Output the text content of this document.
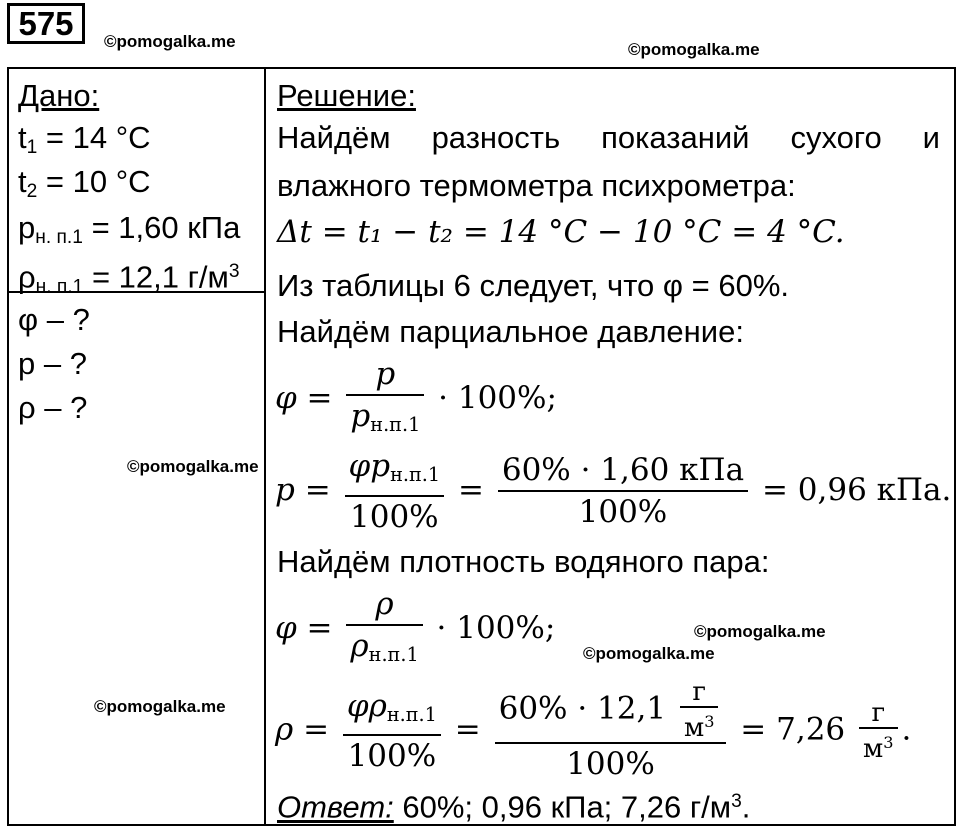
575	©pomogalka.me	©pomogalka.me
©pomogalka.me
©pomogalka.me
©pomogalka.me
©pomogalka.me
Дано:
$t_1 = 14$ °C
$t_2 = 10$ °C
$p_{н. п.1} = 1,60$ кПа
$\rho_{н. п.1} = 12,1$ $г/м^3$
φ – ?
p – ?
ρ – ?
Решение:
Найдём разность показаний сухого и
влажного термометра психрометра:
Δt = t₁ − t₂ = 14 °C − 10 °C = 4 °C.
Из таблицы 6 следует, что φ = 60%.
Найдём парциальное давление:
$\varphi = \frac{p}{p_{н.п.1}} \cdot 100\%$;
$p = \frac{\varphi p_{н.п.1}}{100\%} = \frac{\text{60\% · 1,60 кПа}}{100\%} = 0,96$ кПа.
Найдём плотность водяного пара:
$\varphi = \frac{\rho}{\rho_{н.п.1}} \cdot 100\%$;
$\rho = \frac{\varphi\rho_{н.п.1}}{100\%} = \frac{60\% \cdot 12,1 \frac{г}{м^3}}{100\%} = 7,26 \frac{г}{м^3}$ .
Ответ: 60%; 0,96 кПа; 7,26 $г/м^3$.
